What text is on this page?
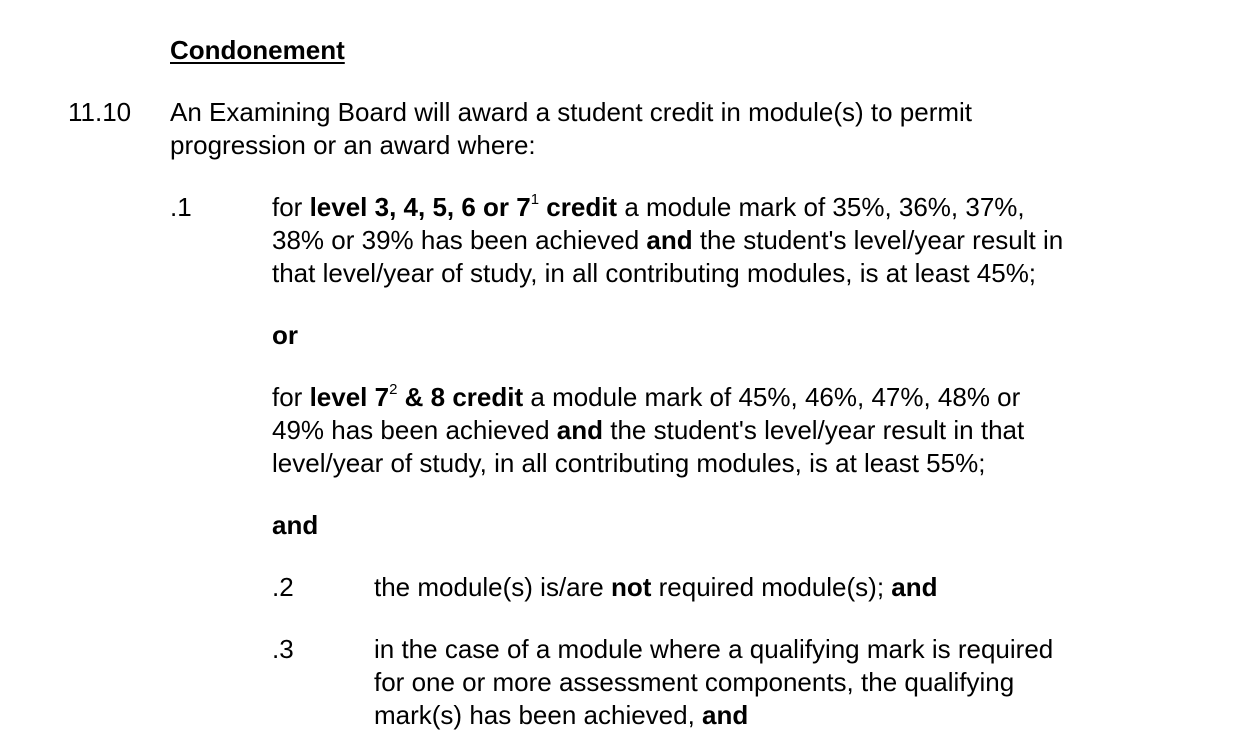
Condonement
11.10 An Examining Board will award a student credit in module(s) to permit
progression or an award where:
.1	for level 3, 4, 5, 6 or $7^1$ credit a module mark of 35%, 36%, 37%,
38% or 39% has been achieved and the student's level/year result in
that level/year of study, in all contributing modules, is at least 45%;
or
for level $7^2$ & 8 credit a module mark of 45%, 46%, 47%, 48% or
49% has been achieved and the student's level/year result in that
level/year of study, in all contributing modules, is at least 55%;
and
.2	the module(s) is/are not required module(s); and
.3	in the case of a module where a qualifying mark is required
for one or more assessment components, the qualifying
mark(s) has been achieved, and
